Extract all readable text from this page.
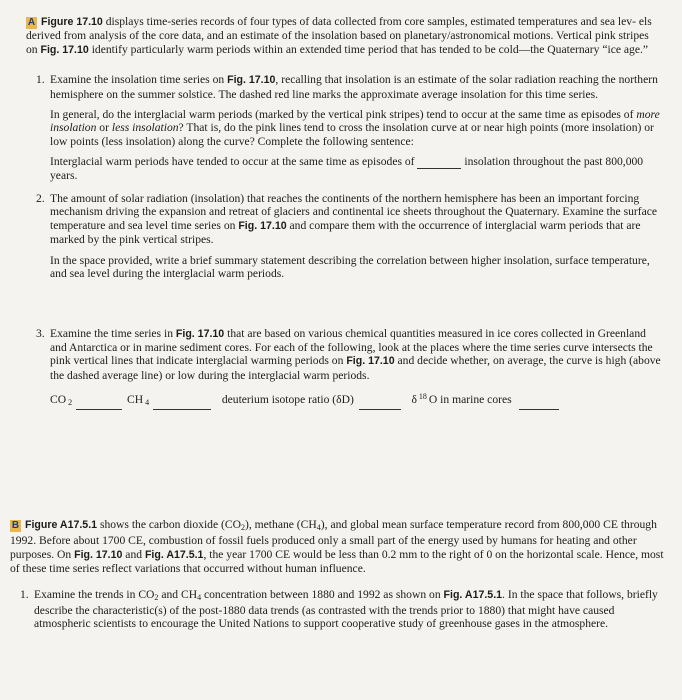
A Figure 17.10 displays time-series records of four types of data collected from core samples, estimated temperatures and sea lev- els derived from analysis of the core data, and an estimate of the insolation based on planetary/astronomical motions. Vertical pink stripes on Fig. 17.10 identify particularly warm periods within an extended time period that has tended to be cold—the Quaternary “ice age.”

1. Examine the insolation time series on Fig. 17.10, recalling that insolation is an estimate of the solar radiation reaching the northern hemisphere on the summer solstice. The dashed red line marks the approximate average insolation for this time series.

In general, do the interglacial warm periods (marked by the vertical pink stripes) tend to occur at the same time as episodes of more insolation or less insolation? That is, do the pink lines tend to cross the insolation curve at or near high points (more insolation) or low points (less insolation) along the curve? Complete the following sentence:

Interglacial warm periods have tended to occur at the same time as episodes of	insolation throughout the past 800,000 years.

2. The amount of solar radiation (insolation) that reaches the continents of the northern hemisphere has been an important forcing mechanism driving the expansion and retreat of glaciers and continental ice sheets throughout the Quaternary. Examine the surface temperature and sea level time series on Fig. 17.10 and compare them with the occurrence of interglacial warm periods that are marked by the pink vertical stripes.

In the space provided, write a brief summary statement describing the correlation between higher insolation, surface temperature, and sea level during the interglacial warm periods.

3. Examine the time series in Fig. 17.10 that are based on various chemical quantities measured in ice cores collected in Greenland and Antarctica or in marine sediment cores. For each of the following, look at the places where the time series curve intersects the pink vertical lines that indicate interglacial warming periods on Fig. 17.10 and decide whether, on average, the curve is high (above the dashed average line) or low during the interglacial warm periods.

CO $_2$	CH $_4$	deuterium isotope ratio (δD)	δ $^{18}$ O in marine cores

B Figure A17.5.1 shows the carbon dioxide $(CO_2)$, methane $(CH_4)$, and global mean surface temperature record from 800,000 CE through 1992. Before about 1700 CE, combustion of fossil fuels produced only a small part of the energy used by humans for heating and other purposes. On Fig. 17.10 and Fig. A17.5.1, the year 1700 CE would be less than 0.2 mm to the right of 0 on the horizontal scale. Hence, most of these time series reflect variations that occurred without human influence.

1. Examine the trends in $CO_2$ and $CH_4$ concentration between 1880 and 1992 as shown on Fig. A17.5.1. In the space that follows, briefly describe the characteristic(s) of the post-1880 data trends (as contrasted with the trends prior to 1880) that might have caused atmospheric scientists to encourage the United Nations to support cooperative study of greenhouse gases in the atmosphere.
